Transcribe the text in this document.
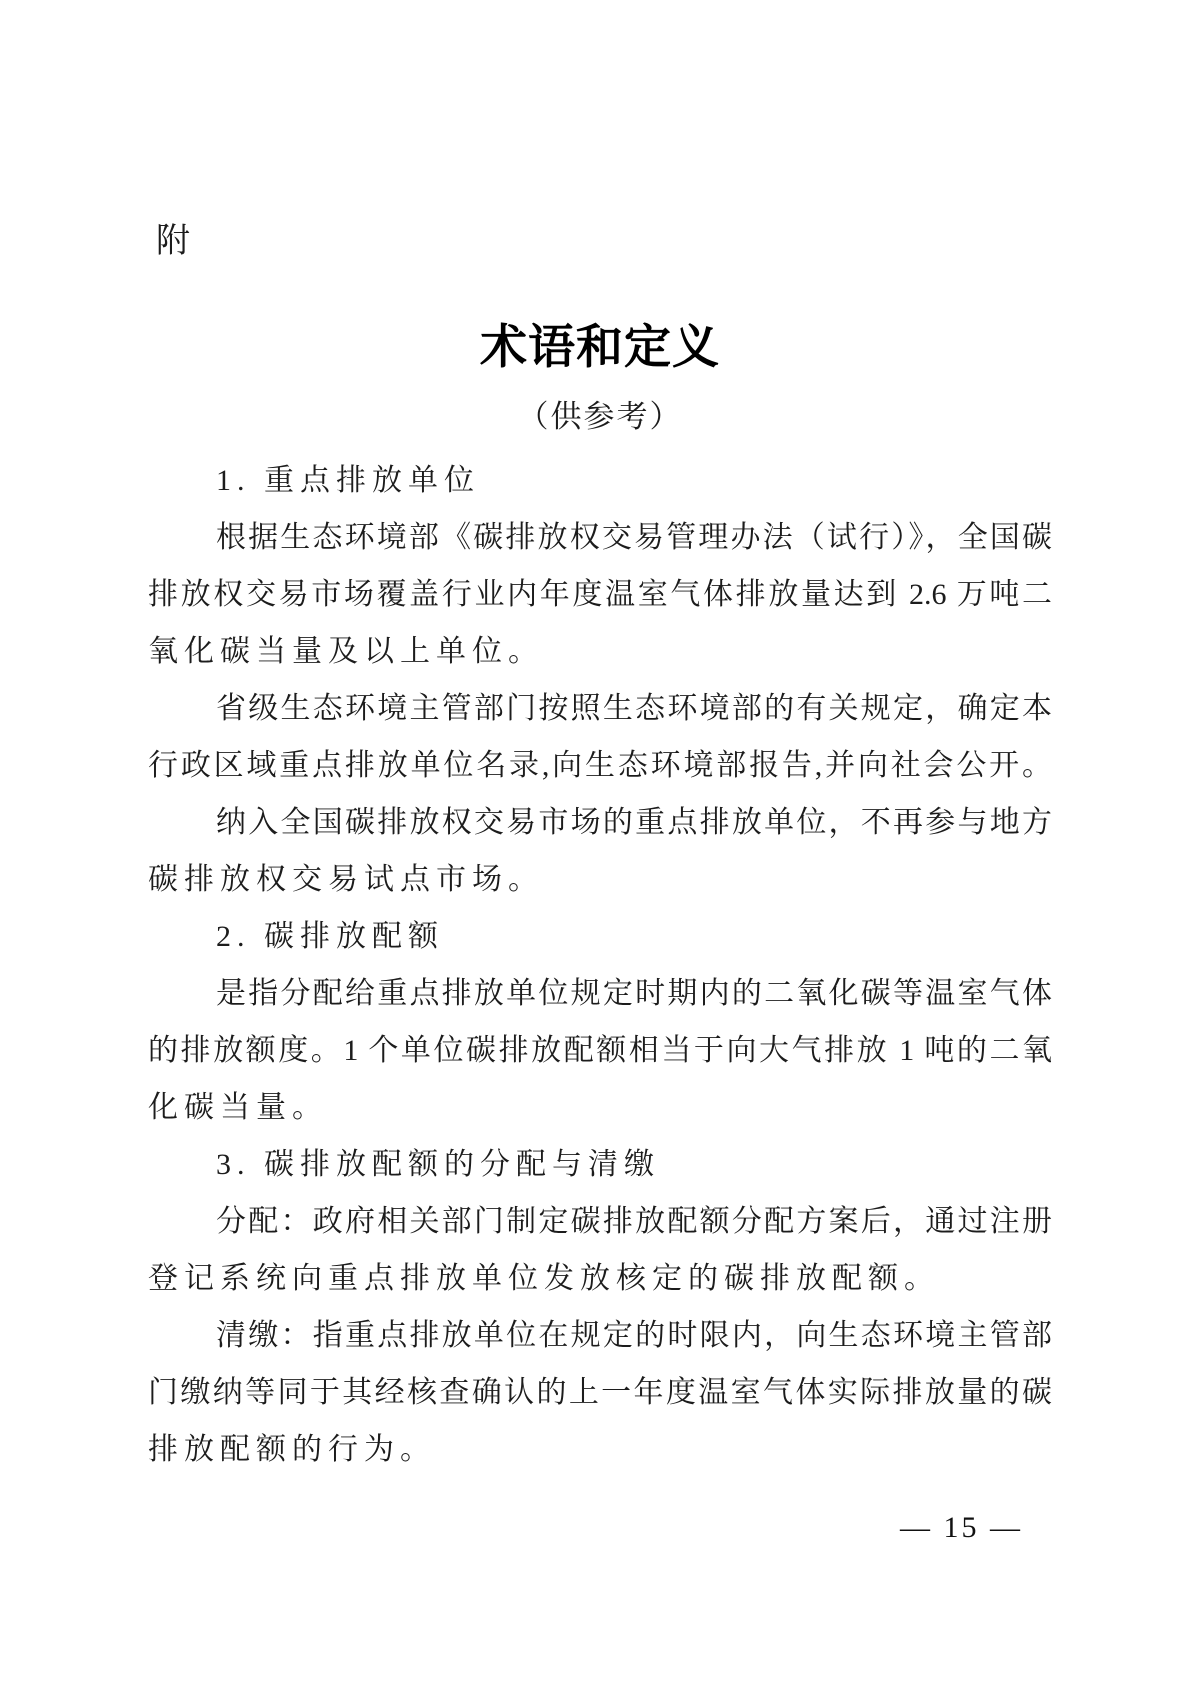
附
术语和定义
（供参考）
1. 重点排放单位
根据生态环境部《碳排放权交易管理办法（试行）》，全国碳
排放权交易市场覆盖行业内年度温室气体排放量达到 2.6 万吨二
氧化碳当量及以上单位。
省级生态环境主管部门按照生态环境部的有关规定，确定本
行政区域重点排放单位名录,向生态环境部报告,并向社会公开。
纳入全国碳排放权交易市场的重点排放单位，不再参与地方
碳排放权交易试点市场。
2. 碳排放配额
是指分配给重点排放单位规定时期内的二氧化碳等温室气体
的排放额度。1 个单位碳排放配额相当于向大气排放 1 吨的二氧
化碳当量。
3. 碳排放配额的分配与清缴
分配：政府相关部门制定碳排放配额分配方案后，通过注册
登记系统向重点排放单位发放核定的碳排放配额。
清缴：指重点排放单位在规定的时限内，向生态环境主管部
门缴纳等同于其经核查确认的上一年度温室气体实际排放量的碳
排放配额的行为。
— 15 —
